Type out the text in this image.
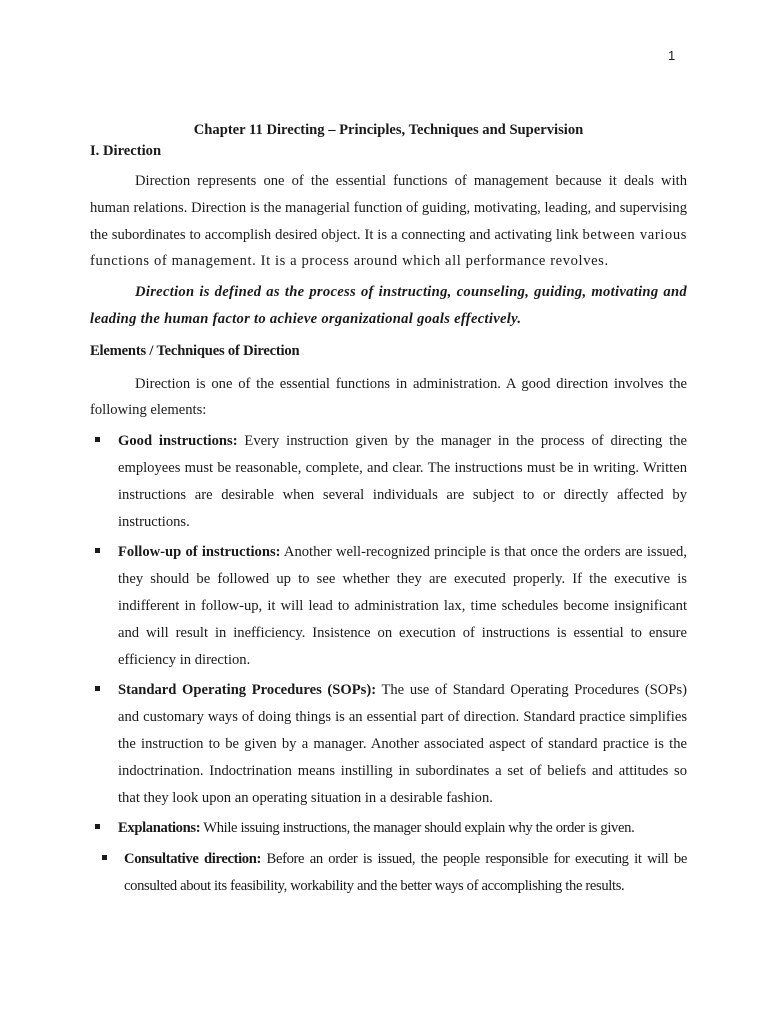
1
Chapter 11 Directing – Principles, Techniques and Supervision
I. Direction

Direction represents one of the essential functions of management because it deals with human relations. Direction is the managerial function of guiding, motivating, leading, and supervising the subordinates to accomplish desired object. It is a connecting and activating link between various functions of management. It is a process around which all performance revolves.

Direction is defined as the process of instructing, counseling, guiding, motivating and leading the human factor to achieve organizational goals effectively.

Elements / Techniques of Direction

Direction is one of the essential functions in administration. A good direction involves the following elements:

Good instructions: Every instruction given by the manager in the process of directing the employees must be reasonable, complete, and clear. The instructions must be in writing. Written instructions are desirable when several individuals are subject to or directly affected by instructions.
Follow-up of instructions: Another well-recognized principle is that once the orders are issued, they should be followed up to see whether they are executed properly. If the executive is indifferent in follow-up, it will lead to administration lax, time schedules become insignificant and will result in inefficiency. Insistence on execution of instructions is essential to ensure efficiency in direction.
Standard Operating Procedures (SOPs): The use of Standard Operating Procedures (SOPs) and customary ways of doing things is an essential part of direction. Standard practice simplifies the instruction to be given by a manager. Another associated aspect of standard practice is the indoctrination. Indoctrination means instilling in subordinates a set of beliefs and attitudes so that they look upon an operating situation in a desirable fashion.
Explanations: While issuing instructions, the manager should explain why the order is given.
Consultative direction: Before an order is issued, the people responsible for executing it will be consulted about its feasibility, workability and the better ways of accomplishing the results.
